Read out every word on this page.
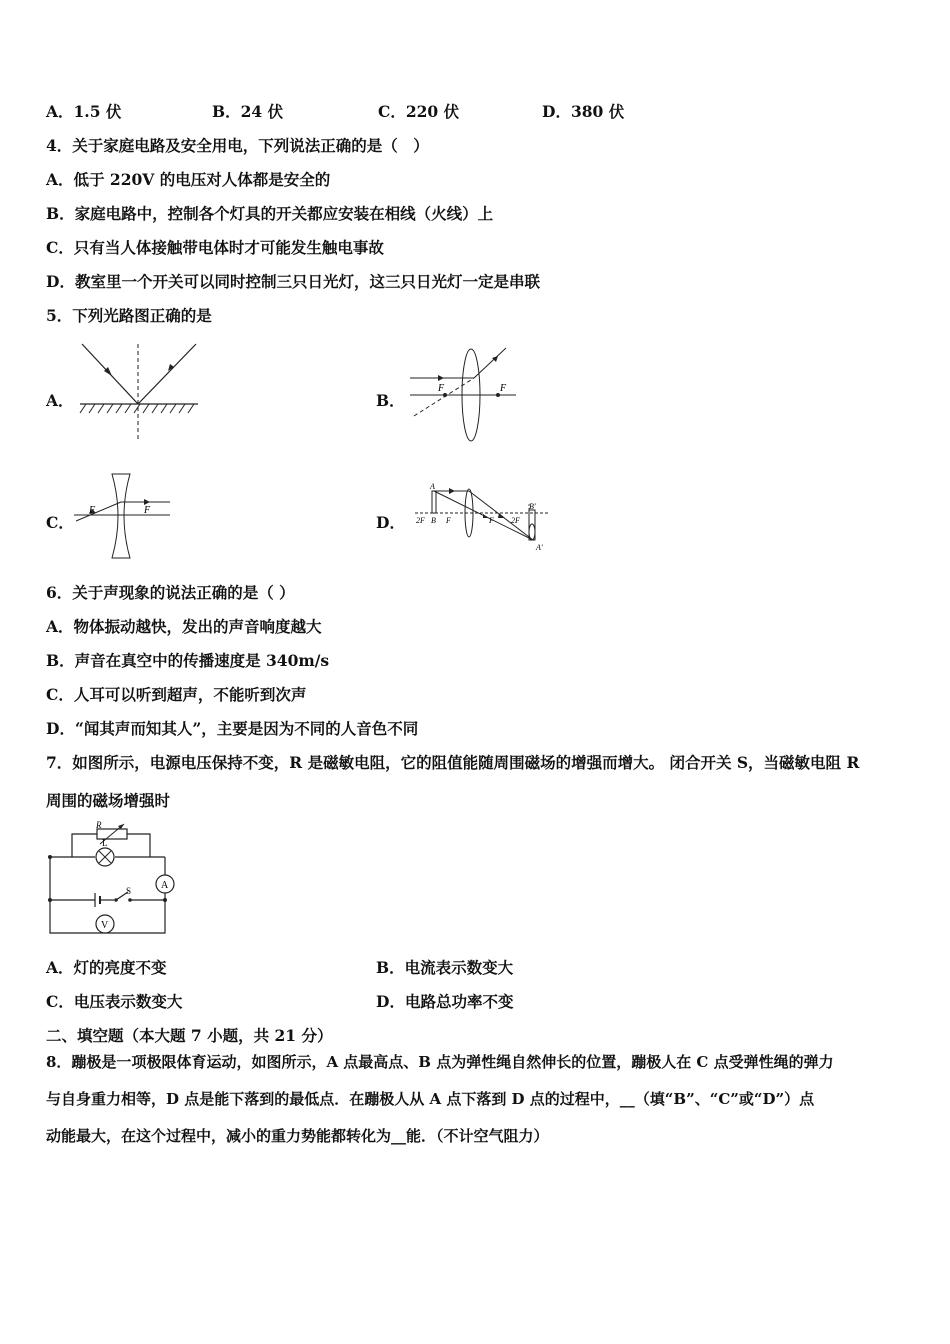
A．1.5 伏	B．24 伏	C．220 伏	D．380 伏
4．关于家庭电路及安全用电，下列说法正确的是（　）
A．低于 220V 的电压对人体都是安全的
B．家庭电路中，控制各个灯具的开关都应安装在相线（火线）上
C．只有当人体接触带电体时才可能发生触电事故
D．教室里一个开关可以同时控制三只日光灯，这三只日光灯一定是串联
5．下列光路图正确的是
A．	B．
F	F
C．
F	F
D．
A
2F B F	F 2F
B'
A'
6．关于声现象的说法正确的是（ ）
A．物体振动越快，发出的声音响度越大
B．声音在真空中的传播速度是 340m/s
C．人耳可以听到超声，不能听到次声
D．“闻其声而知其人”，主要是因为不同的人音色不同
7．如图所示，电源电压保持不变，R 是磁敏电阻，它的阻值能随周围磁场的增强而增大。 闭合开关 S，当磁敏电阻 R
周围的磁场增强时
R
L
A
S
V
A．灯的亮度不变	B．电流表示数变大
C．电压表示数变大	D．电路总功率不变
二、填空题（本大题 7 小题，共 21 分）
8．蹦极是一项极限体育运动，如图所示，A 点最高点、B 点为弹性绳自然伸长的位置，蹦极人在 C 点受弹性绳的弹力
与自身重力相等，D 点是能下落到的最低点．在蹦极人从 A 点下落到 D 点的过程中，__（填“B”、“C”或“D”）点
动能最大，在这个过程中，减小的重力势能都转化为__能．（不计空气阻力）
